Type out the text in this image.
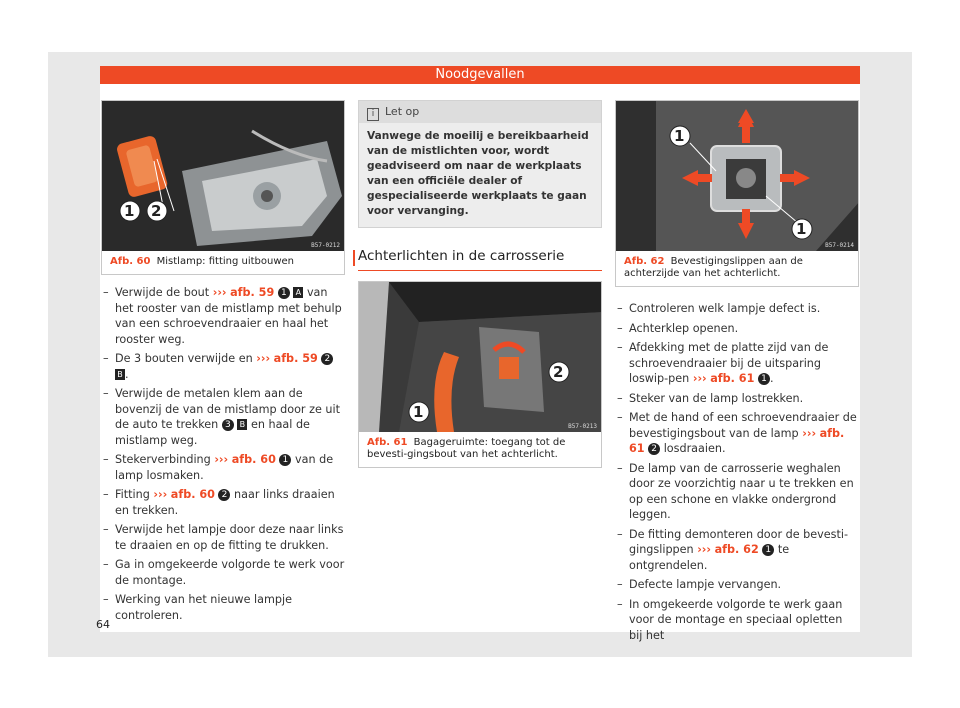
Noodgevallen
1 2
B57-0212
Afb. 60 Mistlamp: fitting uitbouwen
– Verwijde de bout ››› afb. 59 1 A van het rooster van de mistlamp met behulp van een schroevendraaier en haal het rooster weg.
– De 3 bouten verwijde en ››› afb. 59 2 B .
– Verwijde de metalen klem aan de bovenzij de van de mistlamp door ze uit de auto te trekken 3 B en haal de mistlamp weg.
– Stekerverbinding ››› afb. 60 1 van de lamp losmaken.
– Fitting ››› afb. 60 2 naar links draaien en trekken.
– Verwijde het lampje door deze naar links te draaien en op de fitting te drukken.
– Ga in omgekeerde volgorde te werk voor de montage.
– Werking van het nieuwe lampje controleren.
i Let op
Vanwege de moeilij e bereikbaarheid van de mistlichten voor, wordt geadviseerd om naar de werkplaats van een officiële dealer of gespecialiseerde werkplaats te gaan voor vervanging.
Achterlichten in de carrosserie
1
2
B57-0213
Afb. 61 Bagageruimte: toegang tot de bevesti-gingsbout van het achterlicht.
1
1
B57-0214
Afb. 62 Bevestigingslippen aan de achterzijde van het achterlicht.
– Controleren welk lampje defect is.
– Achterklep openen.
– Afdekking met de platte zijd van de schroevendraaier bij de uitsparing loswip-pen ››› afb. 61 1 .
– Steker van de lamp lostrekken.
– Met de hand of een schroevendraaier de bevestigingsbout van de lamp ››› afb. 61 2 losdraaien.
– De lamp van de carrosserie weghalen door ze voorzichtig naar u te trekken en op een schone en vlakke ondergrond leggen.
– De fitting demonteren door de bevesti-gingslippen ››› afb. 62 1 te ontgrendelen.
– Defecte lampje vervangen.
– In omgekeerde volgorde te werk gaan voor de montage en speciaal opletten bij het
64
